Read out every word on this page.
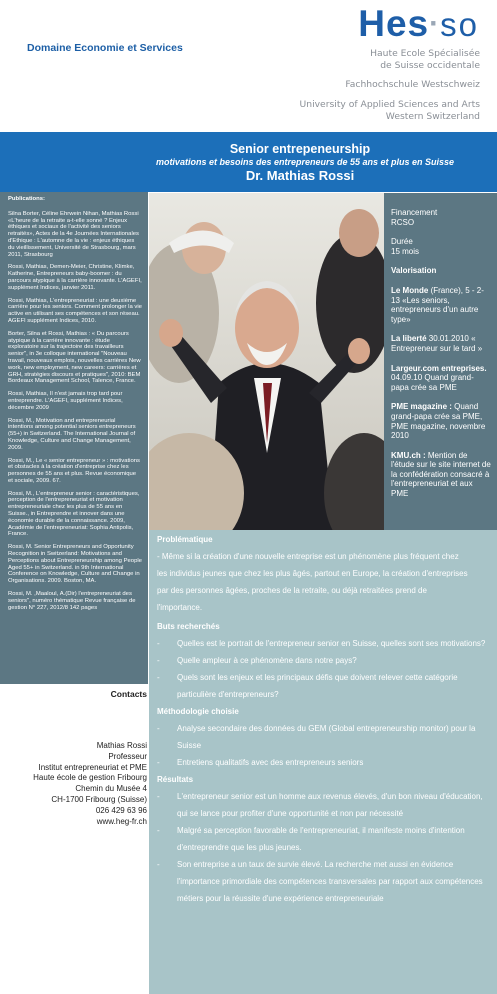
Domaine Economie et Services
Hes·so
Haute Ecole Spécialisée
de Suisse occidentale
Fachhochschule Westschweiz
University of Applied Sciences and Arts
Western Switzerland
Senior entrepeneurship
motivations et besoins des entrepreneurs de 55 ans et plus en Suisse
Dr. Mathias Rossi
Publications:
Silna Borter, Céline Ehrwein Nihan, Mathias Rossi «L'heure de la retraite a-t-elle sonné ? Enjeux éthiques et sociaux de l'activité des seniors retraités», Actes de la 4e Journées Internationales d'Ethique : L'automne de la vie : enjeux éthiques du vieillissement, Université de Strasbourg, mars 2011, Strasbourg
Rossi, Mathias, Demen-Meier, Christine, Klimke, Katherine, Entrepreneurs baby-boomer : du parcours atypique à la carrière innovante. L'AGEFI, supplément Indices, janvier 2011.
Rossi, Mathias, L'entrepreneuriat : une deuxième carrière pour les seniors. Comment prolonger la vie active en utilisant ses compétences et son réseau. AGEFI supplément Indices, 2010.
Borter, Silna et Rossi, Mathias : « Du parcours atypique à la carrière innovante : étude exploratoire sur la trajectoire des travailleurs senior", in 3e colloque international "Nouveau travail, nouveaux emplois, nouvelles carrières New work, new employment, new careers: carrières et GRH, stratégies discours et pratiques", 2010: BEM Bordeaux Management School, Talence, France.
Rossi, Mathias, Il n'est jamais trop tard pour entreprendre. L'AGEFI, supplément Indices, décembre 2009
Rossi, M., Motivation and entrepreneurial intentions among potential seniors entrepreneurs (55+) in Switzerland. The International Journal of Knowledge, Culture and Change Management, 2009.
Rossi, M., Le « senior entrepreneur » : motivations et obstacles à la création d'entreprise chez les personnes de 55 ans et plus. Revue économique et sociale, 2009. 67.
Rossi, M., L'entrepreneur senior : caractéristiques, perception de l'entrepreneuriat et motivation entrepreneuriale chez les plus de 55 ans en Suisse., in Entreprendre et innover dans une économie durable de la connaissance. 2009, Académie de l'entrepreneuriat: Sophia Antipolis, France.
Rossi, M. Senior Entrepreneurs and Opportunity Recognition in Switzerland: Motivations and Perceptions about Entrepreneurship among People Aged 55+ in Switzerland. in 9th International Conference on Knowledge, Culture and Change in Organisations. 2009. Boston, MA.
Rossi, M. ,Maalouì, A.(Dir) l'entrepreneuriat des seniors", numéro thématique Revue française de gestion N° 227, 2012/8 142 pages
Contacts
Mathias Rossi
Professeur
Institut entrepreneuriat et PME
Haute école de gestion Fribourg
Chemin du Musée 4
CH-1700 Fribourg (Suisse)
026 429 63 96
www.heg-fr.ch
Financement
RCSO
Durée
15 mois
Valorisation
Le Monde (France), 5 - 2-13 «Les seniors, entrepreneurs d'un autre type»
La liberté 30.01.2010 « Entrepreneur sur le tard »
Largeur.com entreprises. 04.09.10 Quand grand-papa crée sa PME
PME magazine : Quand grand-papa crée sa PME, PME magazine, novembre 2010
KMU.ch : Mention de l'étude sur le site internet de la confédération consacré à l'entrepreneuriat et aux PME
Problématique
- Même si la création d'une nouvelle entreprise est un phénomène plus fréquent chez
les individus jeunes que chez les plus âgés, partout en Europe, la création d'entreprises
par des personnes âgées, proches de la retraite, ou déjà retraitées prend de
l'importance.
Buts recherchés
-	Quelles est le portrait de l'entrepreneur senior en Suisse, quelles sont ses motivations?
-	Quelle ampleur à ce phénomène dans notre pays?
-	Quels sont les enjeux et les principaux défis que doivent relever cette catégorie particulière d'entrepreneurs?
Méthodologie choisie
-	Analyse secondaire des données du GEM (Global entrepreneurship monitor) pour la Suisse
-	Entretiens qualitatifs avec des entrepreneurs seniors
Résultats
-	L'entrepreneur senior est un homme aux revenus élevés, d'un bon niveau d'éducation, qui se lance pour profiter d'une opportunité et non par nécessité
-	Malgré sa perception favorable de l'entrepreneuriat, il manifeste moins d'intention d'entreprendre que les plus jeunes.
-	Son entreprise a un taux de survie élevé. La recherche met aussi en évidence l'importance primordiale des compétences transversales par rapport aux compétences métiers pour la réussite d'une expérience entrepreneuriale
